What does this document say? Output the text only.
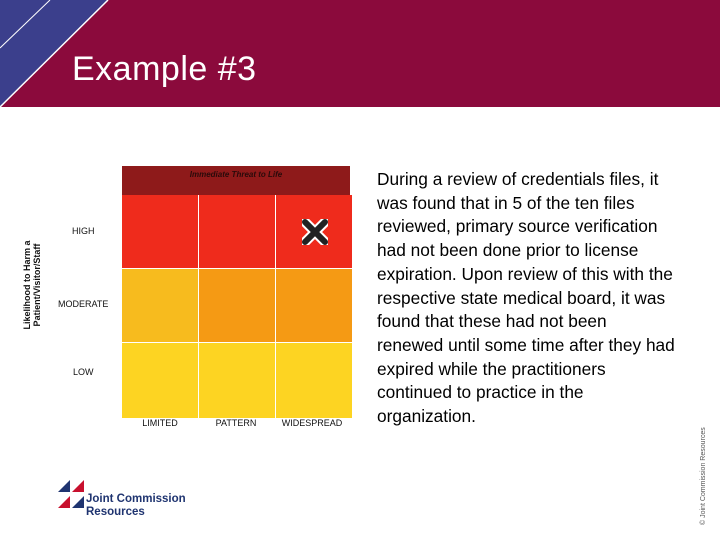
Example #3
Likelihood to Harm a Patient/Visitor/Staff
HIGH
MODERATE
LOW
Immediate Threat to Life
LIMITED	PATTERN	WIDESPREAD
During a review of credentials files, it was found that in 5 of the ten files reviewed, primary source verification had not been done prior to license expiration. Upon review of this with the respective state medical board, it was found that these had not been renewed until some time after they had expired while the practitioners continued to practice in the organization.
© Joint Commission Resources
Joint Commission
Resources
